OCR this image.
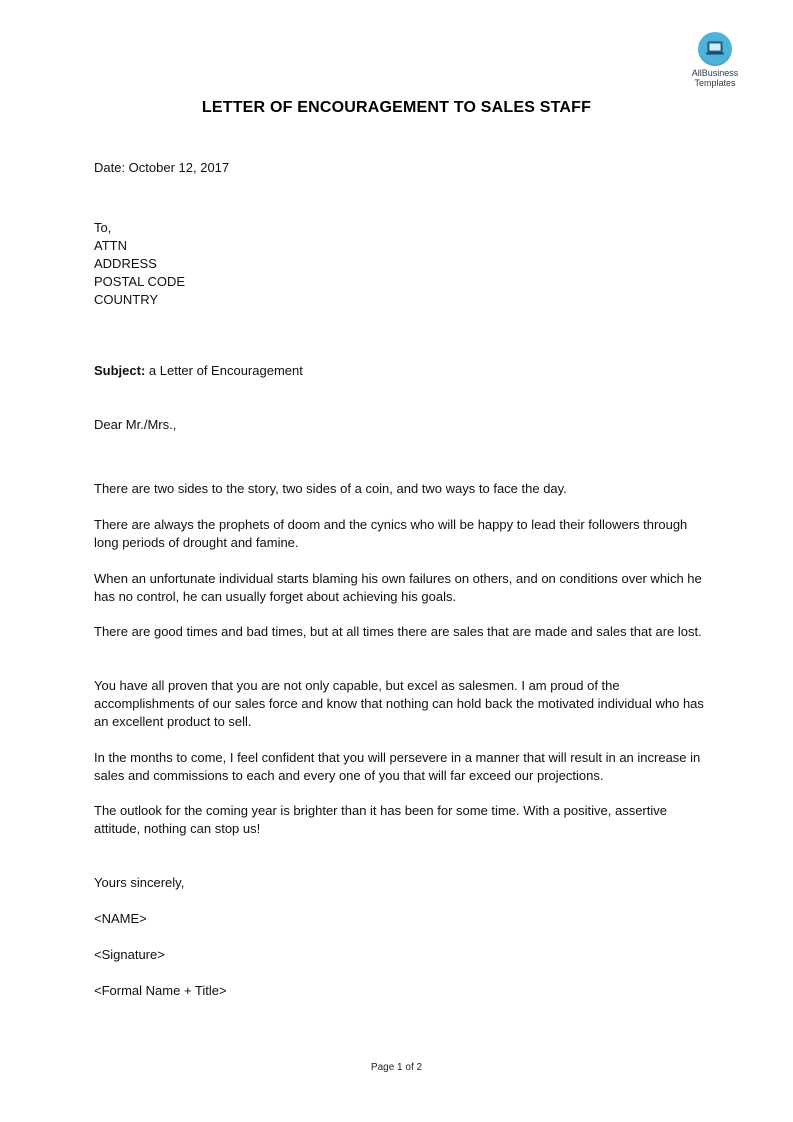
AllBusiness
Templates
LETTER OF ENCOURAGEMENT TO SALES STAFF
Date: October 12, 2017
To,
ATTN
ADDRESS
POSTAL CODE
COUNTRY
Subject: a Letter of Encouragement
Dear Mr./Mrs.,
There are two sides to the story, two sides of a coin, and two ways to face the day.
There are always the prophets of doom and the cynics who will be happy to lead their followers through long periods of drought and famine.
When an unfortunate individual starts blaming his own failures on others, and on conditions over which he has no control, he can usually forget about achieving his goals.
There are good times and bad times, but at all times there are sales that are made and sales that are lost.
You have all proven that you are not only capable, but excel as salesmen. I am proud of the accomplishments of our sales force and know that nothing can hold back the motivated individual who has an excellent product to sell.
In the months to come, I feel confident that you will persevere in a manner that will result in an increase in sales and commissions to each and every one of you that will far exceed our projections.
The outlook for the coming year is brighter than it has been for some time. With a positive, assertive attitude, nothing can stop us!
Yours sincerely,
<NAME>
<Signature>
<Formal Name + Title>
Page 1 of 2
